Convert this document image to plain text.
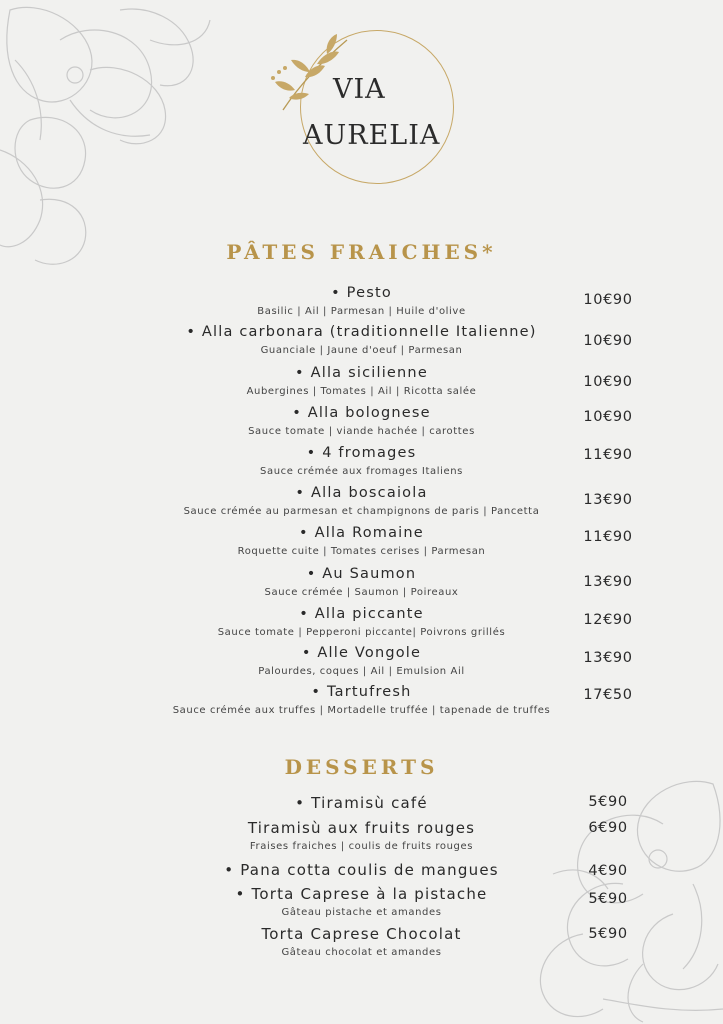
VIA
AURELIA
PÂTES FRAICHES*
• Pesto
Basilic | Ail | Parmesan | Huile d'olive
10€90
• Alla carbonara (traditionnelle Italienne)
Guanciale | Jaune d'oeuf | Parmesan
10€90
• Alla sicilienne
Aubergines | Tomates | Ail | Ricotta salée
10€90
• Alla bolognese
Sauce tomate | viande hachée | carottes
10€90
• 4 fromages
Sauce crémée aux fromages Italiens
11€90
• Alla boscaiola
Sauce crémée au parmesan et champignons de paris | Pancetta
13€90
• Alla Romaine
Roquette cuite | Tomates cerises | Parmesan
11€90
• Au Saumon
Sauce crémée | Saumon | Poireaux
13€90
• Alla piccante
Sauce tomate | Pepperoni piccante| Poivrons grillés
12€90
• Alle Vongole
Palourdes, coques | Ail | Emulsion Ail
13€90
• Tartufresh
Sauce crémée aux truffes | Mortadelle truffée | tapenade de truffes
17€50
DESSERTS
• Tiramisù café	5€90
Tiramisù aux fruits rouges
Fraises fraiches | coulis de fruits rouges
6€90
• Pana cotta coulis de mangues	4€90
• Torta Caprese à la pistache
Gâteau pistache et amandes
5€90
Torta Caprese Chocolat
Gâteau chocolat et amandes
5€90
